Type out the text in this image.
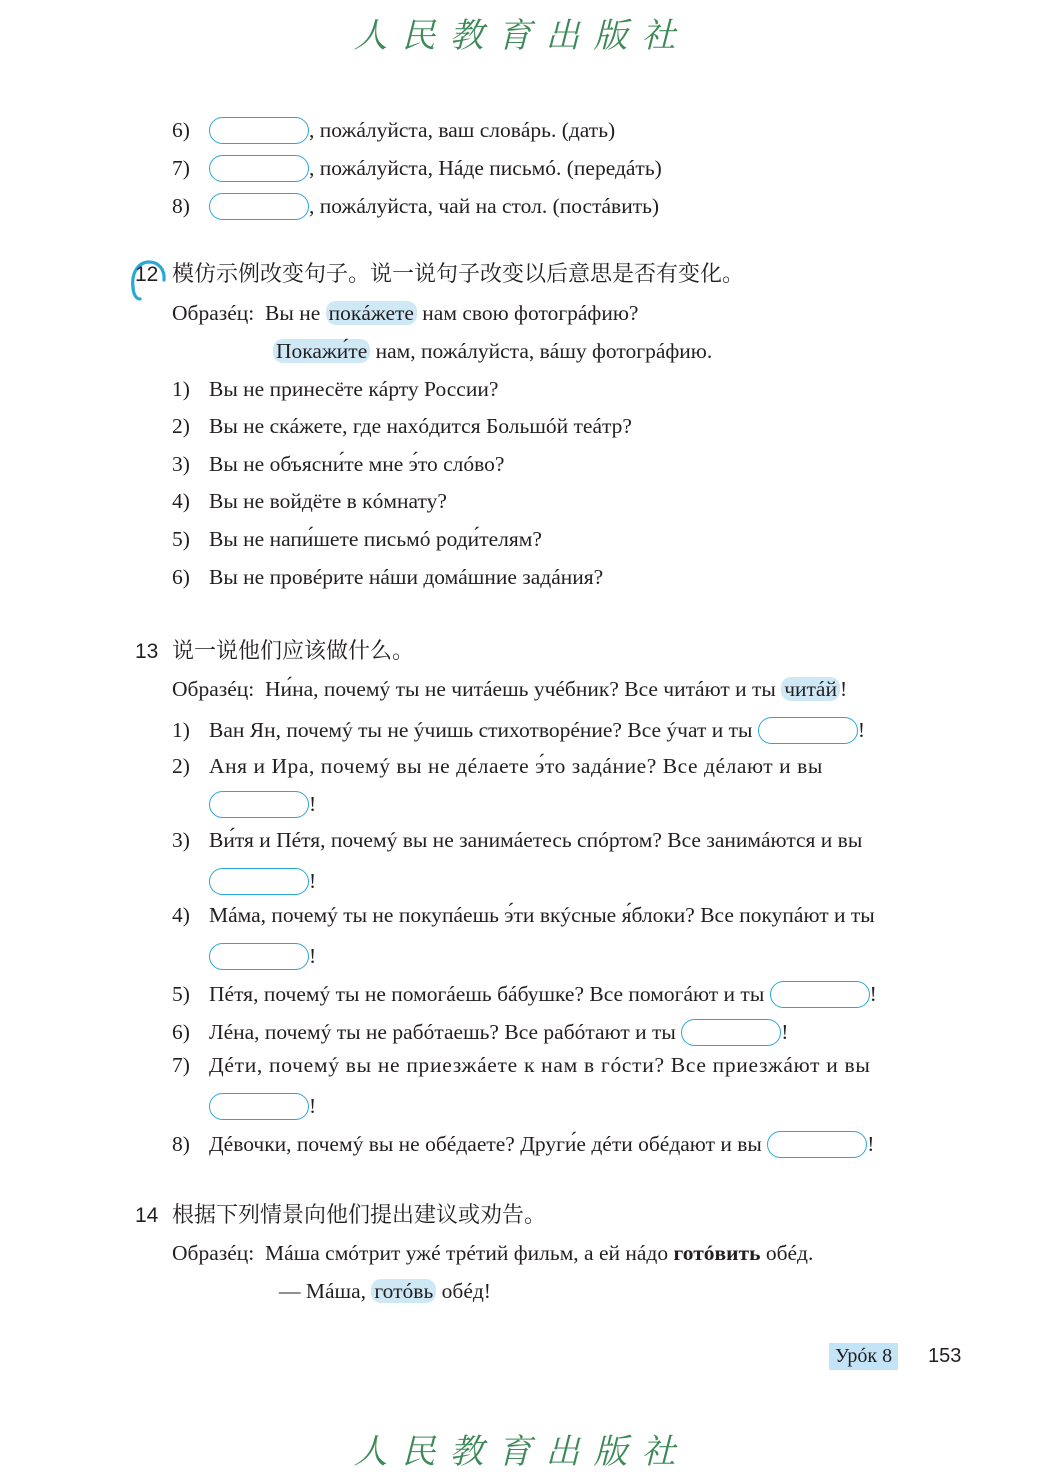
人民教育出版社
6)	, пожáлуйста, ваш словáрь. (дать)
7)	, пожáлуйста, Нáде письмó. (передáть)
8)	, пожáлуйста, чай на стол. (постáвить)
12 模仿示例改变句子。说一说句子改变以后意思是否有变化。
Образéц: Вы не покáжете нам свою фотогрáфию?
Покажи́те нам, пожáлуйста, вáшу фотогрáфию.
1) Вы не принесёте кáрту России?
2) Вы не скáжете, где нахóдится Большóй теáтр?
3) Вы не объясни́те мне э́то слóво?
4) Вы не войдёте в кóмнату?
5) Вы не напи́шете письмó роди́телям?
6) Вы не провéрите нáши домáшние задáния?
13 说一说他们应该做什么。
Образéц: Ни́на, почемý ты не читáешь учéбник? Все читáют и ты читáй !
1) Ван Ян, почемý ты не ýчишь стихотворéние? Все ýчат и ты	!
2) Аня и Ира, почемý вы не дéлаете э́то задáние? Все дéлают и вы
!
3) Ви́тя и Пéтя, почемý вы не занимáетесь спóртом? Все занимáются и вы
!
4) Мáма, почемý ты не покупáешь э́ти вкýсные я́блоки? Все покупáют и ты
!
5) Пéтя, почемý ты не помогáешь бáбушке? Все помогáют и ты	!
6) Лéна, почемý ты не рабóтаешь? Все рабóтают и ты	!
7) Дéти, почемý вы не приезжáете к нам в гóсти? Все приезжáют и вы
!
8) Дéвочки, почемý вы не обéдаете? Други́е дéти обéдают и вы	!
14 根据下列情景向他们提出建议或劝告。
Образéц: Мáша смóтрит ужé трéтий фильм, а ей нáдо готóвить обéд.
— Мáша, готóвь обéд!
Урóк 8	153
人民教育出版社
